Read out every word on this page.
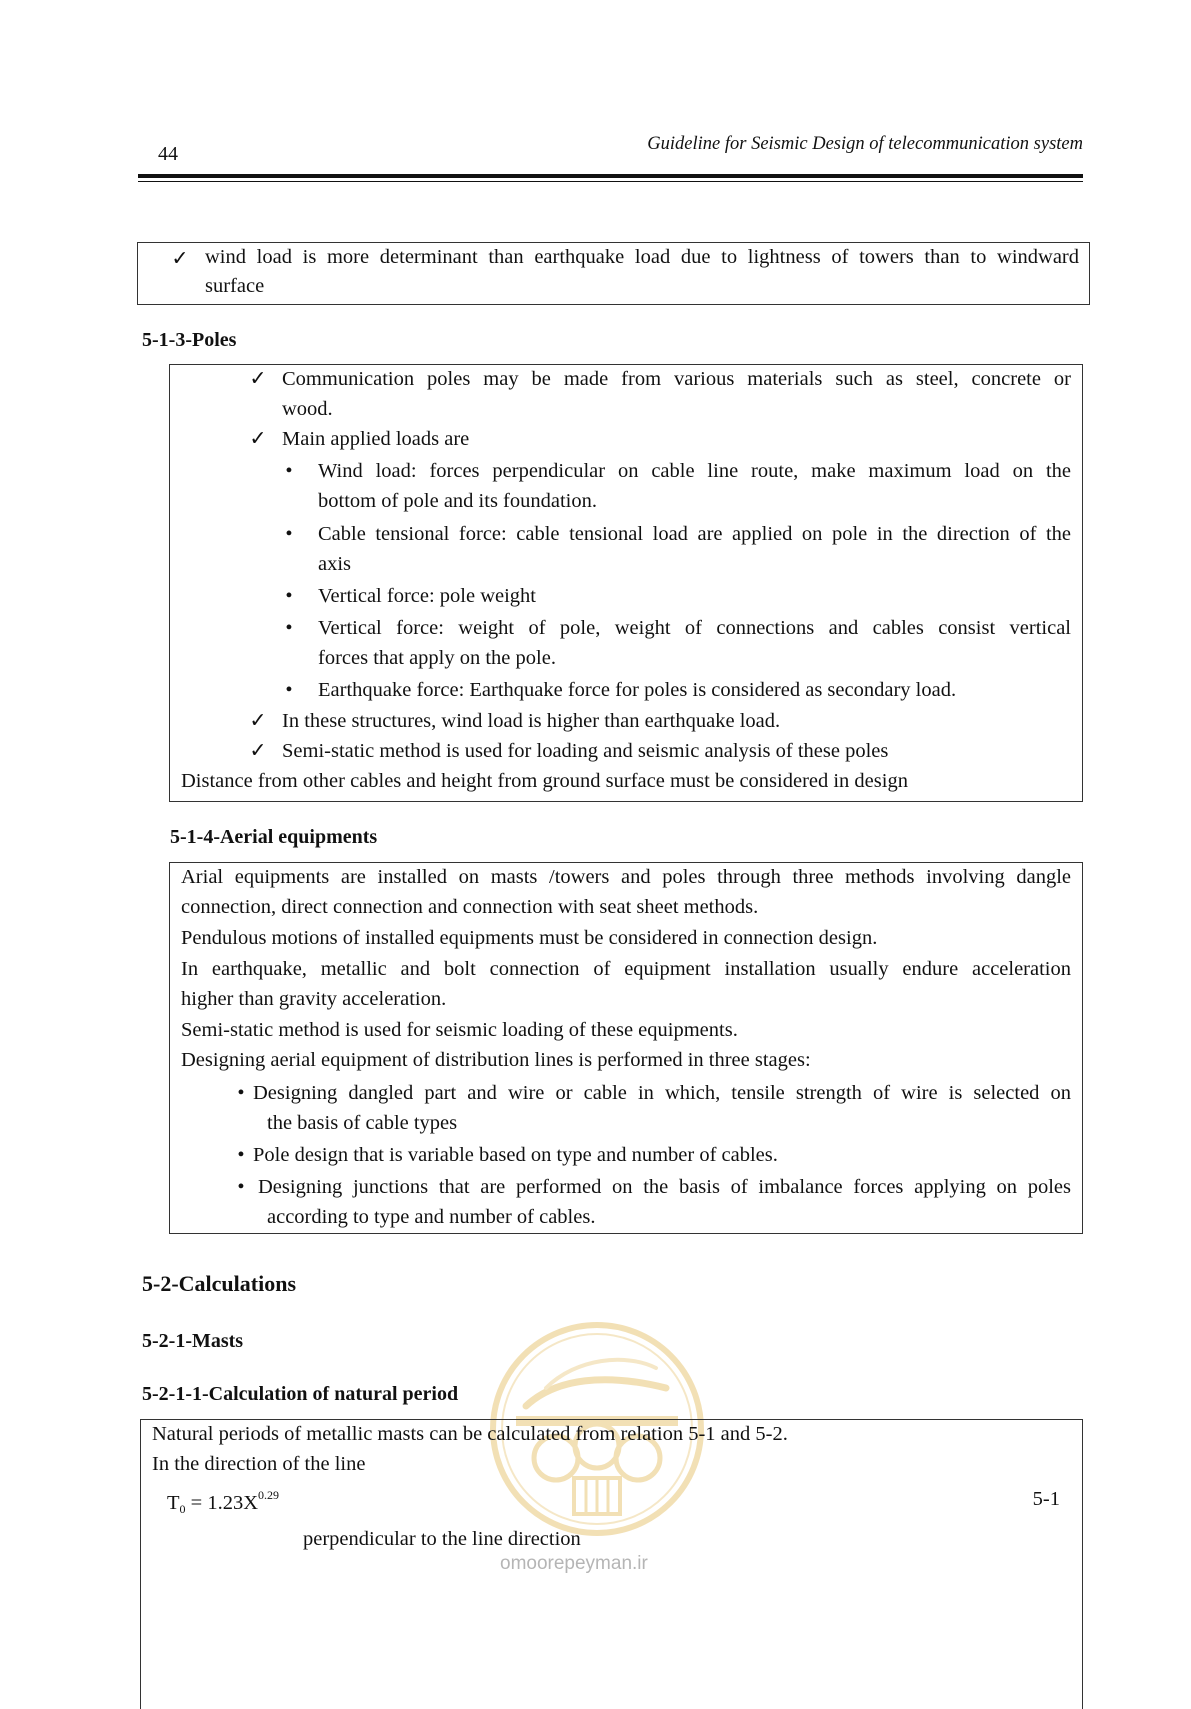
44	Guideline for Seismic Design of telecommunication system
✓ wind load is more determinant than earthquake load due to lightness of towers than to windward
surface
5-1-3-Poles
✓ Communication poles may be made from various materials such as steel, concrete or
wood.
✓ Main applied loads are
•	Wind load: forces perpendicular on cable line route, make maximum load on the
bottom of pole and its foundation.
•	Cable tensional force: cable tensional load are applied on pole in the direction of the
axis
•	Vertical force: pole weight
•	Vertical force: weight of pole, weight of connections and cables consist vertical
forces that apply on the pole.
•	Earthquake force: Earthquake force for poles is considered as secondary load.
✓ In these structures, wind load is higher than earthquake load.
✓ Semi-static method is used for loading and seismic analysis of these poles
Distance from other cables and height from ground surface must be considered in design
5-1-4-Aerial equipments
Arial equipments are installed on masts /towers and poles through three methods involving dangle
connection, direct connection and connection with seat sheet methods.
Pendulous motions of installed equipments must be considered in connection design.
In earthquake, metallic and bolt connection of equipment installation usually endure acceleration
higher than gravity acceleration.
Semi-static method is used for seismic loading of these equipments.
Designing aerial equipment of distribution lines is performed in three stages:
• Designing dangled part and wire or cable in which, tensile strength of wire is selected on
the basis of cable types
• Pole design that is variable based on type and number of cables.
• Designing junctions that are performed on the basis of imbalance forces applying on poles
according to type and number of cables.
5-2-Calculations
5-2-1-Masts
5-2-1-1-Calculation of natural period
Natural periods of metallic masts can be calculated from relation 5-1 and 5-2.
In the direction of the line
$T_0 = 1.23X^{0.29}$	5-1
perpendicular to the line direction
omoorepeyman.ir
